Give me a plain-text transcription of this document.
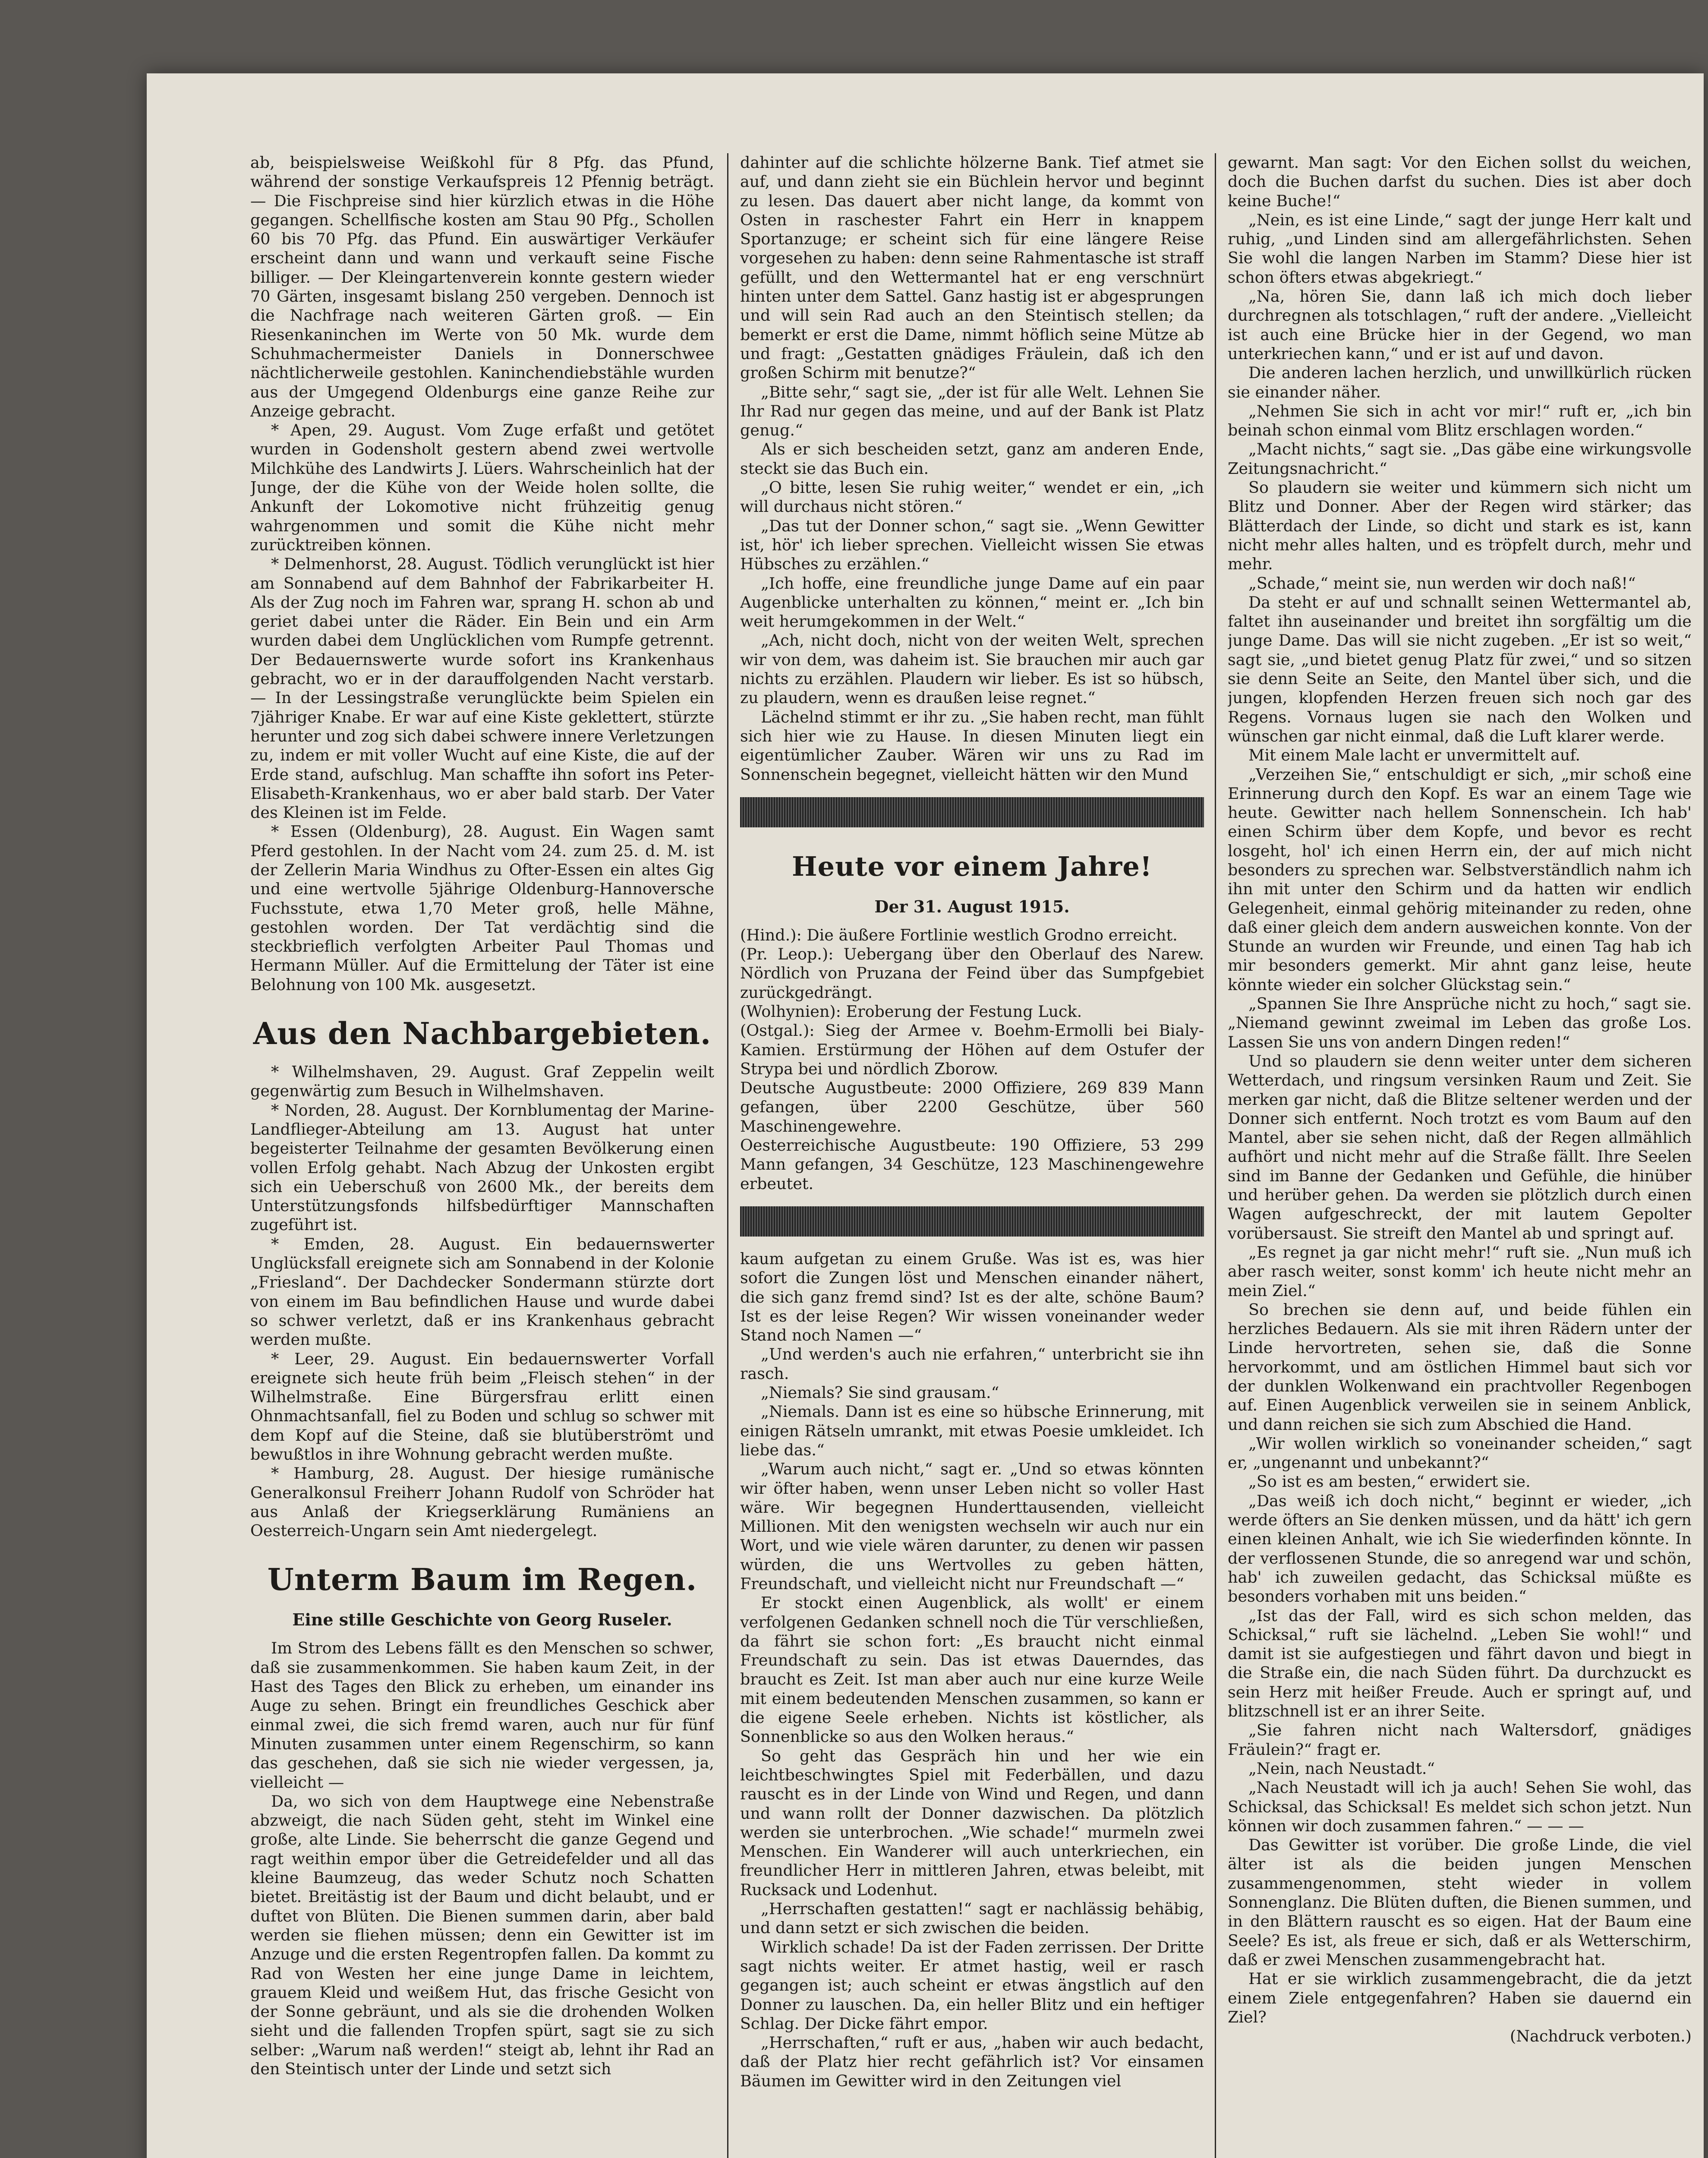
ab, beispielsweise Weißkohl für 8 Pfg. das Pfund, während der sonstige Verkaufspreis 12 Pfennig beträgt. — Die Fischpreise sind hier kürzlich etwas in die Höhe gegangen. Schellfische kosten am Stau 90 Pfg., Schollen 60 bis 70 Pfg. das Pfund. Ein auswärtiger Verkäufer erscheint dann und wann und verkauft seine Fische billiger. — Der Kleingartenverein konnte gestern wieder 70 Gärten, insgesamt bislang 250 vergeben. Dennoch ist die Nachfrage nach weiteren Gärten groß. — Ein Riesenkaninchen im Werte von 50 Mk. wurde dem Schuhmachermeister Daniels in Donnerschwee nächtlicherweile gestohlen. Kaninchendiebstähle wurden aus der Umgegend Oldenburgs eine ganze Reihe zur Anzeige gebracht.

* Apen, 29. August. Vom Zuge erfaßt und getötet wurden in Godensholt gestern abend zwei wertvolle Milchkühe des Landwirts J. Lüers. Wahrscheinlich hat der Junge, der die Kühe von der Weide holen sollte, die Ankunft der Lokomotive nicht frühzeitig genug wahrgenommen und somit die Kühe nicht mehr zurücktreiben können.

* Delmenhorst, 28. August. Tödlich verunglückt ist hier am Sonnabend auf dem Bahnhof der Fabrikarbeiter H. Als der Zug noch im Fahren war, sprang H. schon ab und geriet dabei unter die Räder. Ein Bein und ein Arm wurden dabei dem Unglücklichen vom Rumpfe getrennt. Der Bedauernswerte wurde sofort ins Krankenhaus gebracht, wo er in der darauffolgenden Nacht verstarb. — In der Lessingstraße verunglückte beim Spielen ein 7jähriger Knabe. Er war auf eine Kiste geklettert, stürzte herunter und zog sich dabei schwere innere Verletzungen zu, indem er mit voller Wucht auf eine Kiste, die auf der Erde stand, aufschlug. Man schaffte ihn sofort ins Peter-Elisabeth-Krankenhaus, wo er aber bald starb. Der Vater des Kleinen ist im Felde.

* Essen (Oldenburg), 28. August. Ein Wagen samt Pferd gestohlen. In der Nacht vom 24. zum 25. d. M. ist der Zellerin Maria Windhus zu Ofter-Essen ein altes Gig und eine wertvolle 5jährige Oldenburg-Hannoversche Fuchsstute, etwa 1,70 Meter groß, helle Mähne, gestohlen worden. Der Tat verdächtig sind die steckbrieflich verfolgten Arbeiter Paul Thomas und Hermann Müller. Auf die Ermittelung der Täter ist eine Belohnung von 100 Mk. ausgesetzt.

Aus den Nachbargebieten.

* Wilhelmshaven, 29. August. Graf Zeppelin weilt gegenwärtig zum Besuch in Wilhelmshaven.

* Norden, 28. August. Der Kornblumentag der Marine-Landflieger-Abteilung am 13. August hat unter begeisterter Teilnahme der gesamten Bevölkerung einen vollen Erfolg gehabt. Nach Abzug der Unkosten ergibt sich ein Ueberschuß von 2600 Mk., der bereits dem Unterstützungsfonds hilfsbedürftiger Mannschaften zugeführt ist.

* Emden, 28. August. Ein bedauernswerter Unglücksfall ereignete sich am Sonnabend in der Kolonie „Friesland“. Der Dachdecker Sondermann stürzte dort von einem im Bau befindlichen Hause und wurde dabei so schwer verletzt, daß er ins Krankenhaus gebracht werden mußte.

* Leer, 29. August. Ein bedauernswerter Vorfall ereignete sich heute früh beim „Fleisch stehen“ in der Wilhelmstraße. Eine Bürgersfrau erlitt einen Ohnmachtsanfall, fiel zu Boden und schlug so schwer mit dem Kopf auf die Steine, daß sie blutüberströmt und bewußtlos in ihre Wohnung gebracht werden mußte.

* Hamburg, 28. August. Der hiesige rumänische Generalkonsul Freiherr Johann Rudolf von Schröder hat aus Anlaß der Kriegserklärung Rumäniens an Oesterreich-Ungarn sein Amt niedergelegt.

Unterm Baum im Regen.
Eine stille Geschichte von Georg Ruseler.

Im Strom des Lebens fällt es den Menschen so schwer, daß sie zusammenkommen. Sie haben kaum Zeit, in der Hast des Tages den Blick zu erheben, um einander ins Auge zu sehen. Bringt ein freundliches Geschick aber einmal zwei, die sich fremd waren, auch nur für fünf Minuten zusammen unter einem Regenschirm, so kann das geschehen, daß sie sich nie wieder vergessen, ja, vielleicht —

Da, wo sich von dem Hauptwege eine Nebenstraße abzweigt, die nach Süden geht, steht im Winkel eine große, alte Linde. Sie beherrscht die ganze Gegend und ragt weithin empor über die Getreidefelder und all das kleine Baumzeug, das weder Schutz noch Schatten bietet. Breitästig ist der Baum und dicht belaubt, und er duftet von Blüten. Die Bienen summen darin, aber bald werden sie fliehen müssen; denn ein Gewitter ist im Anzuge und die ersten Regentropfen fallen. Da kommt zu Rad von Westen her eine junge Dame in leichtem, grauem Kleid und weißem Hut, das frische Gesicht von der Sonne gebräunt, und als sie die drohenden Wolken sieht und die fallenden Tropfen spürt, sagt sie zu sich selber: „Warum naß werden!“ steigt ab, lehnt ihr Rad an den Steintisch unter der Linde und setzt sich

dahinter auf die schlichte hölzerne Bank. Tief atmet sie auf, und dann zieht sie ein Büchlein hervor und beginnt zu lesen. Das dauert aber nicht lange, da kommt von Osten in raschester Fahrt ein Herr in knappem Sportanzuge; er scheint sich für eine längere Reise vorgesehen zu haben: denn seine Rahmentasche ist straff gefüllt, und den Wettermantel hat er eng verschnürt hinten unter dem Sattel. Ganz hastig ist er abgesprungen und will sein Rad auch an den Steintisch stellen; da bemerkt er erst die Dame, nimmt höflich seine Mütze ab und fragt: „Gestatten gnädiges Fräulein, daß ich den großen Schirm mit benutze?“

„Bitte sehr,“ sagt sie, „der ist für alle Welt. Lehnen Sie Ihr Rad nur gegen das meine, und auf der Bank ist Platz genug.“

Als er sich bescheiden setzt, ganz am anderen Ende, steckt sie das Buch ein.

„O bitte, lesen Sie ruhig weiter,“ wendet er ein, „ich will durchaus nicht stören.“

„Das tut der Donner schon,“ sagt sie. „Wenn Gewitter ist, hör' ich lieber sprechen. Vielleicht wissen Sie etwas Hübsches zu erzählen.“

„Ich hoffe, eine freundliche junge Dame auf ein paar Augenblicke unterhalten zu können,“ meint er. „Ich bin weit herumgekommen in der Welt.“

„Ach, nicht doch, nicht von der weiten Welt, sprechen wir von dem, was daheim ist. Sie brauchen mir auch gar nichts zu erzählen. Plaudern wir lieber. Es ist so hübsch, zu plaudern, wenn es draußen leise regnet.“

Lächelnd stimmt er ihr zu. „Sie haben recht, man fühlt sich hier wie zu Hause. In diesen Minuten liegt ein eigentümlicher Zauber. Wären wir uns zu Rad im Sonnenschein begegnet, vielleicht hätten wir den Mund

Heute vor einem Jahre!
Der 31. August 1915.

(Hind.): Die äußere Fortlinie westlich Grodno erreicht.

(Pr. Leop.): Uebergang über den Oberlauf des Narew. Nördlich von Pruzana der Feind über das Sumpfgebiet zurückgedrängt.

(Wolhynien): Eroberung der Festung Luck.

(Ostgal.): Sieg der Armee v. Boehm-Ermolli bei Bialy-Kamien. Erstürmung der Höhen auf dem Ostufer der Strypa bei und nördlich Zborow.

Deutsche Augustbeute: 2000 Offiziere, 269 839 Mann gefangen, über 2200 Geschütze, über 560 Maschinengewehre.

Oesterreichische Augustbeute: 190 Offiziere, 53 299 Mann gefangen, 34 Geschütze, 123 Maschinengewehre erbeutet.

kaum aufgetan zu einem Gruße. Was ist es, was hier sofort die Zungen löst und Menschen einander nähert, die sich ganz fremd sind? Ist es der alte, schöne Baum? Ist es der leise Regen? Wir wissen voneinander weder Stand noch Namen —“

„Und werden's auch nie erfahren,“ unterbricht sie ihn rasch.

„Niemals? Sie sind grausam.“

„Niemals. Dann ist es eine so hübsche Erinnerung, mit einigen Rätseln umrankt, mit etwas Poesie umkleidet. Ich liebe das.“

„Warum auch nicht,“ sagt er. „Und so etwas könnten wir öfter haben, wenn unser Leben nicht so voller Hast wäre. Wir begegnen Hunderttausenden, vielleicht Millionen. Mit den wenigsten wechseln wir auch nur ein Wort, und wie viele wären darunter, zu denen wir passen würden, die uns Wertvolles zu geben hätten, Freundschaft, und vielleicht nicht nur Freundschaft —“

Er stockt einen Augenblick, als wollt' er einem verfolgenen Gedanken schnell noch die Tür verschließen, da fährt sie schon fort: „Es braucht nicht einmal Freundschaft zu sein. Das ist etwas Dauerndes, das braucht es Zeit. Ist man aber auch nur eine kurze Weile mit einem bedeutenden Menschen zusammen, so kann er die eigene Seele erheben. Nichts ist köstlicher, als Sonnenblicke so aus den Wolken heraus.“

So geht das Gespräch hin und her wie ein leichtbeschwingtes Spiel mit Federbällen, und dazu rauscht es in der Linde von Wind und Regen, und dann und wann rollt der Donner dazwischen. Da plötzlich werden sie unterbrochen. „Wie schade!“ murmeln zwei Menschen. Ein Wanderer will auch unterkriechen, ein freundlicher Herr in mittleren Jahren, etwas beleibt, mit Rucksack und Lodenhut.

„Herrschaften gestatten!“ sagt er nachlässig behäbig, und dann setzt er sich zwischen die beiden.

Wirklich schade! Da ist der Faden zerrissen. Der Dritte sagt nichts weiter. Er atmet hastig, weil er rasch gegangen ist; auch scheint er etwas ängstlich auf den Donner zu lauschen. Da, ein heller Blitz und ein heftiger Schlag. Der Dicke fährt empor.

„Herrschaften,“ ruft er aus, „haben wir auch bedacht, daß der Platz hier recht gefährlich ist? Vor einsamen Bäumen im Gewitter wird in den Zeitungen viel

gewarnt. Man sagt: Vor den Eichen sollst du weichen, doch die Buchen darfst du suchen. Dies ist aber doch keine Buche!“

„Nein, es ist eine Linde,“ sagt der junge Herr kalt und ruhig, „und Linden sind am allergefährlichsten. Sehen Sie wohl die langen Narben im Stamm? Diese hier ist schon öfters etwas abgekriegt.“

„Na, hören Sie, dann laß ich mich doch lieber durchregnen als totschlagen,“ ruft der andere. „Vielleicht ist auch eine Brücke hier in der Gegend, wo man unterkriechen kann,“ und er ist auf und davon.

Die anderen lachen herzlich, und unwillkürlich rücken sie einander näher.

„Nehmen Sie sich in acht vor mir!“ ruft er, „ich bin beinah schon einmal vom Blitz erschlagen worden.“

„Macht nichts,“ sagt sie. „Das gäbe eine wirkungsvolle Zeitungsnachricht.“

So plaudern sie weiter und kümmern sich nicht um Blitz und Donner. Aber der Regen wird stärker; das Blätterdach der Linde, so dicht und stark es ist, kann nicht mehr alles halten, und es tröpfelt durch, mehr und mehr.

„Schade,“ meint sie, nun werden wir doch naß!“

Da steht er auf und schnallt seinen Wettermantel ab, faltet ihn auseinander und breitet ihn sorgfältig um die junge Dame. Das will sie nicht zugeben. „Er ist so weit,“ sagt sie, „und bietet genug Platz für zwei,“ und so sitzen sie denn Seite an Seite, den Mantel über sich, und die jungen, klopfenden Herzen freuen sich noch gar des Regens. Vornaus lugen sie nach den Wolken und wünschen gar nicht einmal, daß die Luft klarer werde.

Mit einem Male lacht er unvermittelt auf.

„Verzeihen Sie,“ entschuldigt er sich, „mir schoß eine Erinnerung durch den Kopf. Es war an einem Tage wie heute. Gewitter nach hellem Sonnenschein. Ich hab' einen Schirm über dem Kopfe, und bevor es recht losgeht, hol' ich einen Herrn ein, der auf mich nicht besonders zu sprechen war. Selbstverständlich nahm ich ihn mit unter den Schirm und da hatten wir endlich Gelegenheit, einmal gehörig miteinander zu reden, ohne daß einer gleich dem andern ausweichen konnte. Von der Stunde an wurden wir Freunde, und einen Tag hab ich mir besonders gemerkt. Mir ahnt ganz leise, heute könnte wieder ein solcher Glückstag sein.“

„Spannen Sie Ihre Ansprüche nicht zu hoch,“ sagt sie. „Niemand gewinnt zweimal im Leben das große Los. Lassen Sie uns von andern Dingen reden!“

Und so plaudern sie denn weiter unter dem sicheren Wetterdach, und ringsum versinken Raum und Zeit. Sie merken gar nicht, daß die Blitze seltener werden und der Donner sich entfernt. Noch trotzt es vom Baum auf den Mantel, aber sie sehen nicht, daß der Regen allmählich aufhört und nicht mehr auf die Straße fällt. Ihre Seelen sind im Banne der Gedanken und Gefühle, die hinüber und herüber gehen. Da werden sie plötzlich durch einen Wagen aufgeschreckt, der mit lautem Gepolter vorübersaust. Sie streift den Mantel ab und springt auf.

„Es regnet ja gar nicht mehr!“ ruft sie. „Nun muß ich aber rasch weiter, sonst komm' ich heute nicht mehr an mein Ziel.“

So brechen sie denn auf, und beide fühlen ein herzliches Bedauern. Als sie mit ihren Rädern unter der Linde hervortreten, sehen sie, daß die Sonne hervorkommt, und am östlichen Himmel baut sich vor der dunklen Wolkenwand ein prachtvoller Regenbogen auf. Einen Augenblick verweilen sie in seinem Anblick, und dann reichen sie sich zum Abschied die Hand.

„Wir wollen wirklich so voneinander scheiden,“ sagt er, „ungenannt und unbekannt?“

„So ist es am besten,“ erwidert sie.

„Das weiß ich doch nicht,“ beginnt er wieder, „ich werde öfters an Sie denken müssen, und da hätt' ich gern einen kleinen Anhalt, wie ich Sie wiederfinden könnte. In der verflossenen Stunde, die so anregend war und schön, hab' ich zuweilen gedacht, das Schicksal müßte es besonders vorhaben mit uns beiden.“

„Ist das der Fall, wird es sich schon melden, das Schicksal,“ ruft sie lächelnd. „Leben Sie wohl!“ und damit ist sie aufgestiegen und fährt davon und biegt in die Straße ein, die nach Süden führt. Da durchzuckt es sein Herz mit heißer Freude. Auch er springt auf, und blitzschnell ist er an ihrer Seite.

„Sie fahren nicht nach Waltersdorf, gnädiges Fräulein?“ fragt er.

„Nein, nach Neustadt.“

„Nach Neustadt will ich ja auch! Sehen Sie wohl, das Schicksal, das Schicksal! Es meldet sich schon jetzt. Nun können wir doch zusammen fahren.“ — — —

Das Gewitter ist vorüber. Die große Linde, die viel älter ist als die beiden jungen Menschen zusammengenommen, steht wieder in vollem Sonnenglanz. Die Blüten duften, die Bienen summen, und in den Blättern rauscht es so eigen. Hat der Baum eine Seele? Es ist, als freue er sich, daß er als Wetterschirm, daß er zwei Menschen zusammengebracht hat.

Hat er sie wirklich zusammengebracht, die da jetzt einem Ziele entgegenfahren? Haben sie dauernd ein Ziel?

(Nachdruck verboten.)
